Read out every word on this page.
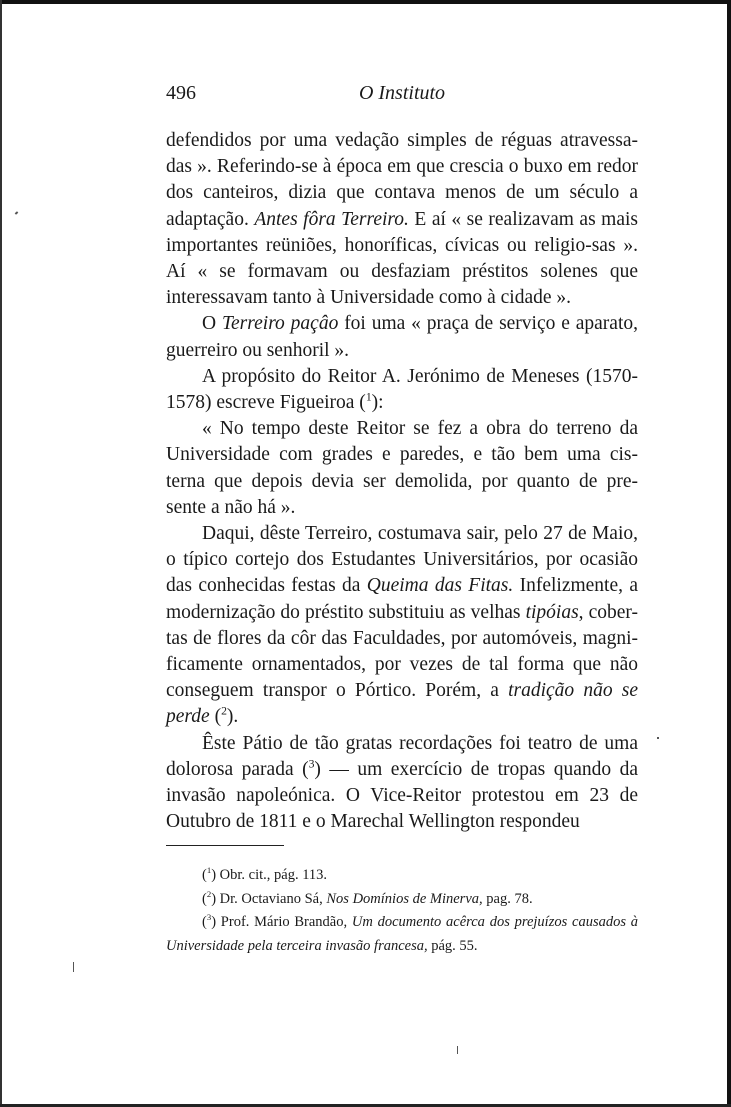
496	O Instituto

defendidos por uma vedação simples de réguas atravessa-das ». Referindo-se à época em que crescia o buxo em redor dos canteiros, dizia que contava menos de um século a adaptação. Antes fôra Terreiro. E aí « se realizavam as mais importantes reüniões, honoríficas, cívicas ou religio-sas ». Aí « se formavam ou desfaziam préstitos solenes que interessavam tanto à Universidade como à cidade ».

O Terreiro paçâo foi uma « praça de serviço e aparato, guerreiro ou senhoril ».

A propósito do Reitor A. Jerónimo de Meneses (1570-1578) escreve Figueiroa ($^1$):

« No tempo deste Reitor se fez a obra do terreno da Universidade com grades e paredes, e tão bem uma cis-terna que depois devia ser demolida, por quanto de pre-sente a não há ».

Daqui, dêste Terreiro, costumava sair, pelo 27 de Maio, o típico cortejo dos Estudantes Universitários, por ocasião das conhecidas festas da Queima das Fitas. Infelizmente, a modernização do préstito substituiu as velhas tipóias, cober-tas de flores da côr das Faculdades, por automóveis, magni-ficamente ornamentados, por vezes de tal forma que não conseguem transpor o Pórtico. Porém, a tradição não se perde ($^2$).

Êste Pátio de tão gratas recordações foi teatro de uma dolorosa parada ($^3$) — um exercício de tropas quando da invasão napoleónica. O Vice-Reitor protestou em 23 de Outubro de 1811 e o Marechal Wellington respondeu

($^1$) Obr. cit., pág. 113.

($^2$) Dr. Octaviano Sá, Nos Domínios de Minerva, pag. 78.

($^3$) Prof. Mário Brandão, Um documento acêrca dos prejuízos causados à Universidade pela terceira invasão francesa, pág. 55.
